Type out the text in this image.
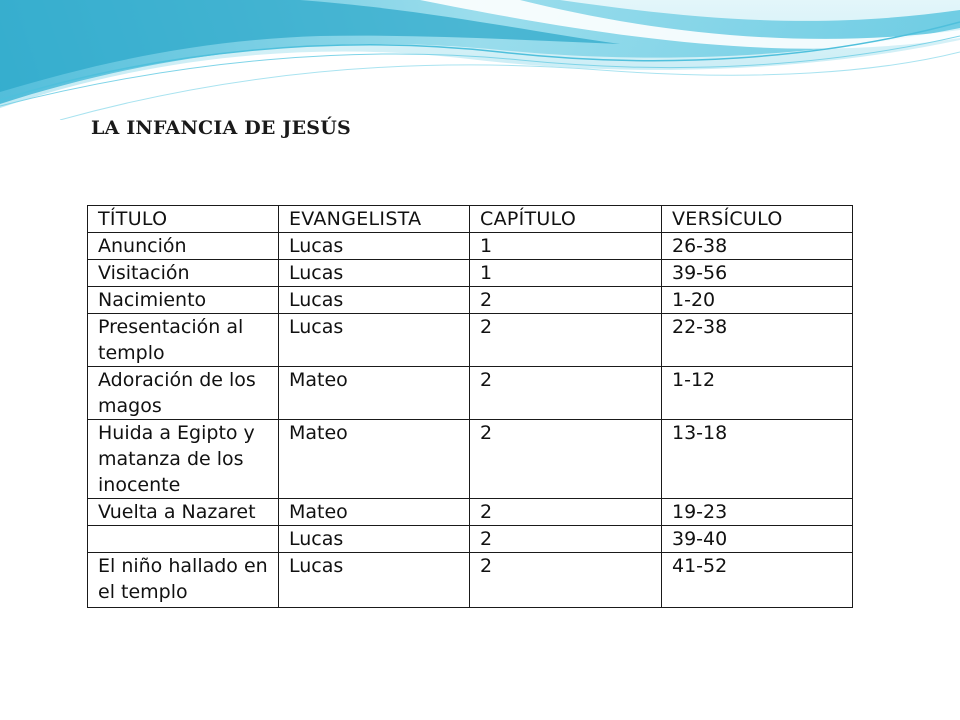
LA INFANCIA DE JESÚS
TÍTULO	EVANGELISTA	CAPÍTULO	VERSÍCULO
Anunción	Lucas	1	26-38
Visitación	Lucas	1	39-56
Nacimiento	Lucas	2	1-20
Presentación al templo	Lucas	2	22-38
Adoración de los magos	Mateo	2	1-12
Huida a Egipto y matanza de los inocente	Mateo	2	13-18
Vuelta a Nazaret	Mateo	2	19-23
	Lucas	2	39-40
El niño hallado en el templo	Lucas	2	41-52
